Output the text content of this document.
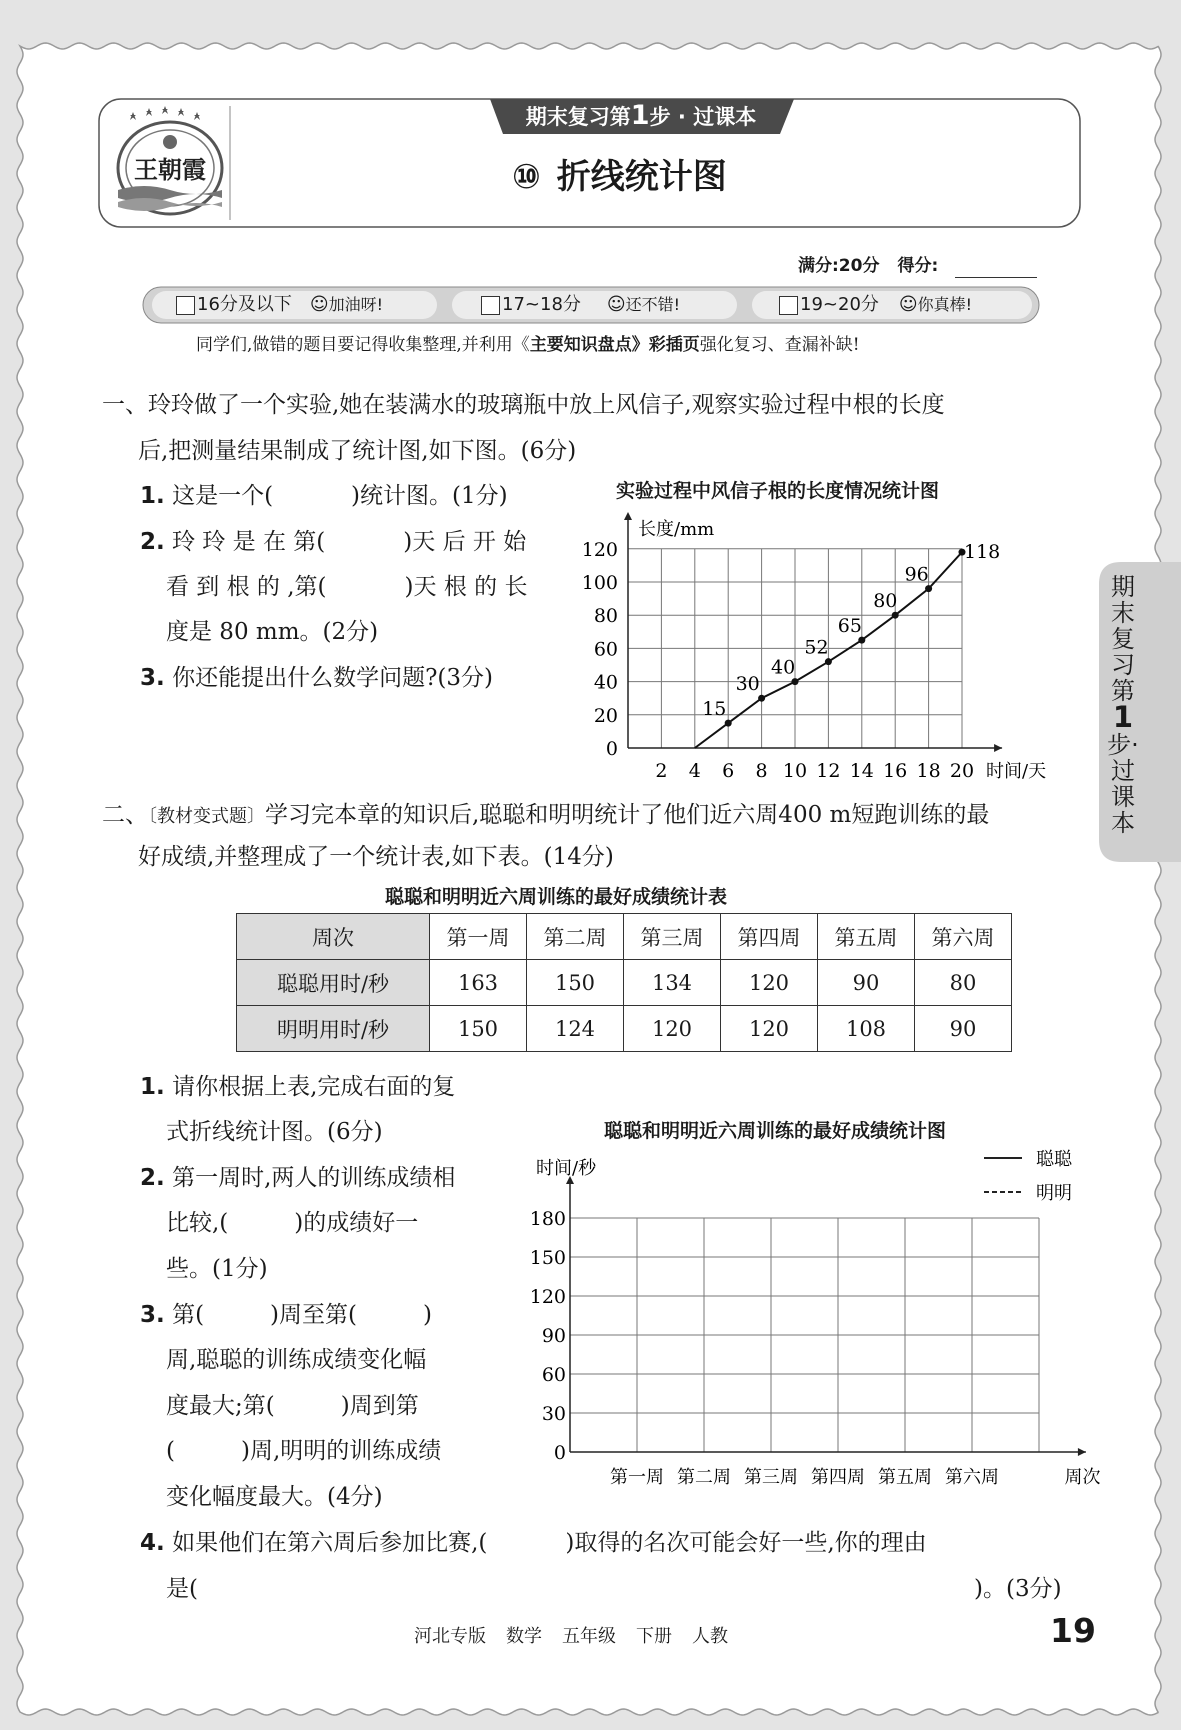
王朝霞
期末复习第1步 · 过课本
⑩ 折线统计图
满分:20分 得分:
16分及以下 ☺加油呀!	17~18分 ☺还不错!	19~20分 ☺你真棒!
同学们,做错的题目要记得收集整理,并利用《主要知识盘点》彩插页强化复习、查漏补缺!
期末复习第1步·过课本
一、玲玲做了一个实验,她在装满水的玻璃瓶中放上风信子,观察实验过程中根的长度
后,把测量结果制成了统计图,如下图。(6分)
1. 这是一个(	)统计图。(1分)
2. 玲 玲 是 在 第(	)天 后 开 始
看 到 根 的 ,第(	)天 根 的 长
度是 80 mm。(2分)
3. 你还能提出什么数学问题?(3分)
实验过程中风信子根的长度情况统计图
0
20
40
60
80
100
120
2 4 6 8 10 12 14 16 18 20
长度/mm
时间/天
15
30
40
52
65
80
96
118
二、〔教材变式题〕学习完本章的知识后,聪聪和明明统计了他们近六周400 m短跑训练的最
好成绩,并整理成了一个统计表,如下表。(14分)
聪聪和明明近六周训练的最好成绩统计表
周次	第一周	第二周	第三周	第四周	第五周	第六周
聪聪用时/秒	163	150	134	120	90	80
明明用时/秒	150	124	120	120	108	90
1. 请你根据上表,完成右面的复
式折线统计图。(6分)
2. 第一周时,两人的训练成绩相
比较,(	)的成绩好一
些。(1分)
3. 第(	)周至第(	)
周,聪聪的训练成绩变化幅
度最大;第(	)周到第
(	)周,明明的训练成绩
变化幅度最大。(4分)
4. 如果他们在第六周后参加比赛,(	)取得的名次可能会好一些,你的理由
是(	)。(3分)
聪聪和明明近六周训练的最好成绩统计图
0
30
60
90
120
150
180
第一周 第二周 第三周 第四周 第五周 第六周
时间/秒
周次
聪聪
明明
河北专版 数学 五年级 下册 人教	19
